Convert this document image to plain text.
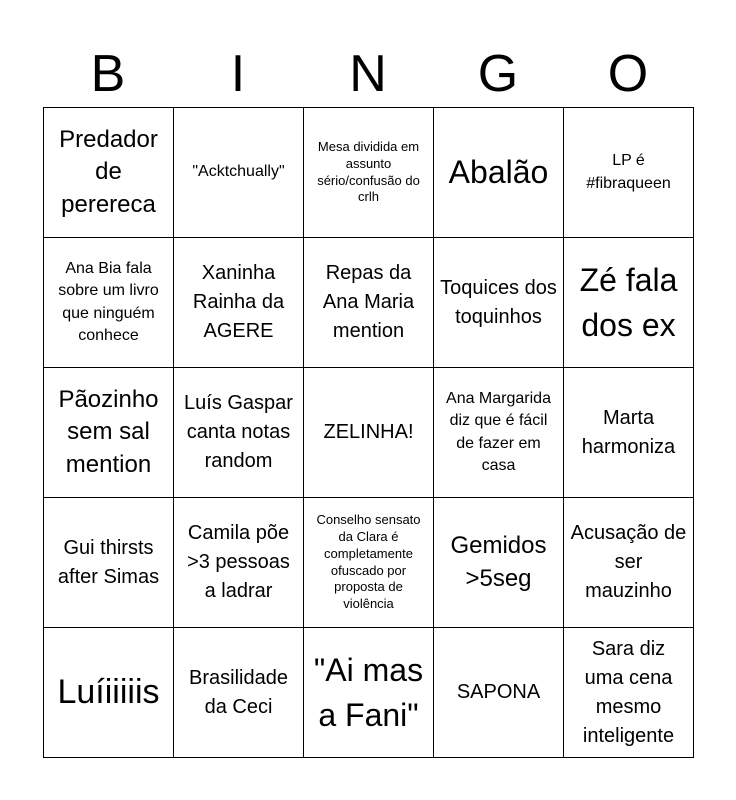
B	I	N	G	O
Predador de perereca	"Acktchually"	Mesa dividida em assunto sério/confusão do crlh	Abalão	LP é #fibraqueen
Ana Bia fala sobre um livro que ninguém conhece	Xaninha Rainha da AGERE	Repas da Ana Maria mention	Toquices dos toquinhos	Zé fala dos ex
Pãozinho sem sal mention	Luís Gaspar canta notas random	ZELINHA!	Ana Margarida diz que é fácil de fazer em casa	Marta harmoniza
Gui thirsts after Simas	Camila põe >3 pessoas a ladrar	Conselho sensato da Clara é completamente ofuscado por proposta de violência	Gemidos >5seg	Acusação de ser mauzinho
Luíiiiiis	Brasilidade da Ceci	"Ai mas a Fani"	SAPONA	Sara diz uma cena mesmo inteligente
